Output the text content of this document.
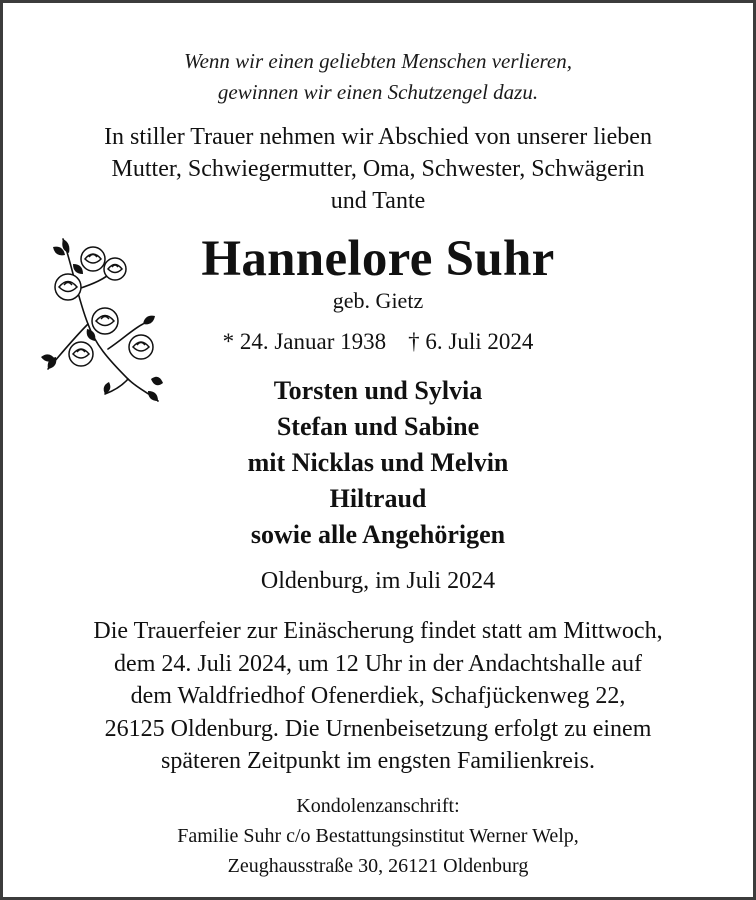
Wenn wir einen geliebten Menschen verlieren,
gewinnen wir einen Schutzengel dazu.
In stiller Trauer nehmen wir Abschied von unserer lieben
Mutter, Schwiegermutter, Oma, Schwester, Schwägerin
und Tante
Hannelore Suhr
geb. Gietz
* 24. Januar 1938 † 6. Juli 2024
Torsten und Sylvia
Stefan und Sabine
mit Nicklas und Melvin
Hiltraud
sowie alle Angehörigen
Oldenburg, im Juli 2024
Die Trauerfeier zur Einäscherung findet statt am Mittwoch,
dem 24. Juli 2024, um 12 Uhr in der Andachtshalle auf
dem Waldfriedhof Ofenerdiek, Schafjückenweg 22,
26125 Oldenburg. Die Urnenbeisetzung erfolgt zu einem
späteren Zeitpunkt im engsten Familienkreis.
Kondolenzanschrift:
Familie Suhr c/o Bestattungsinstitut Werner Welp,
Zeughausstraße 30, 26121 Oldenburg
